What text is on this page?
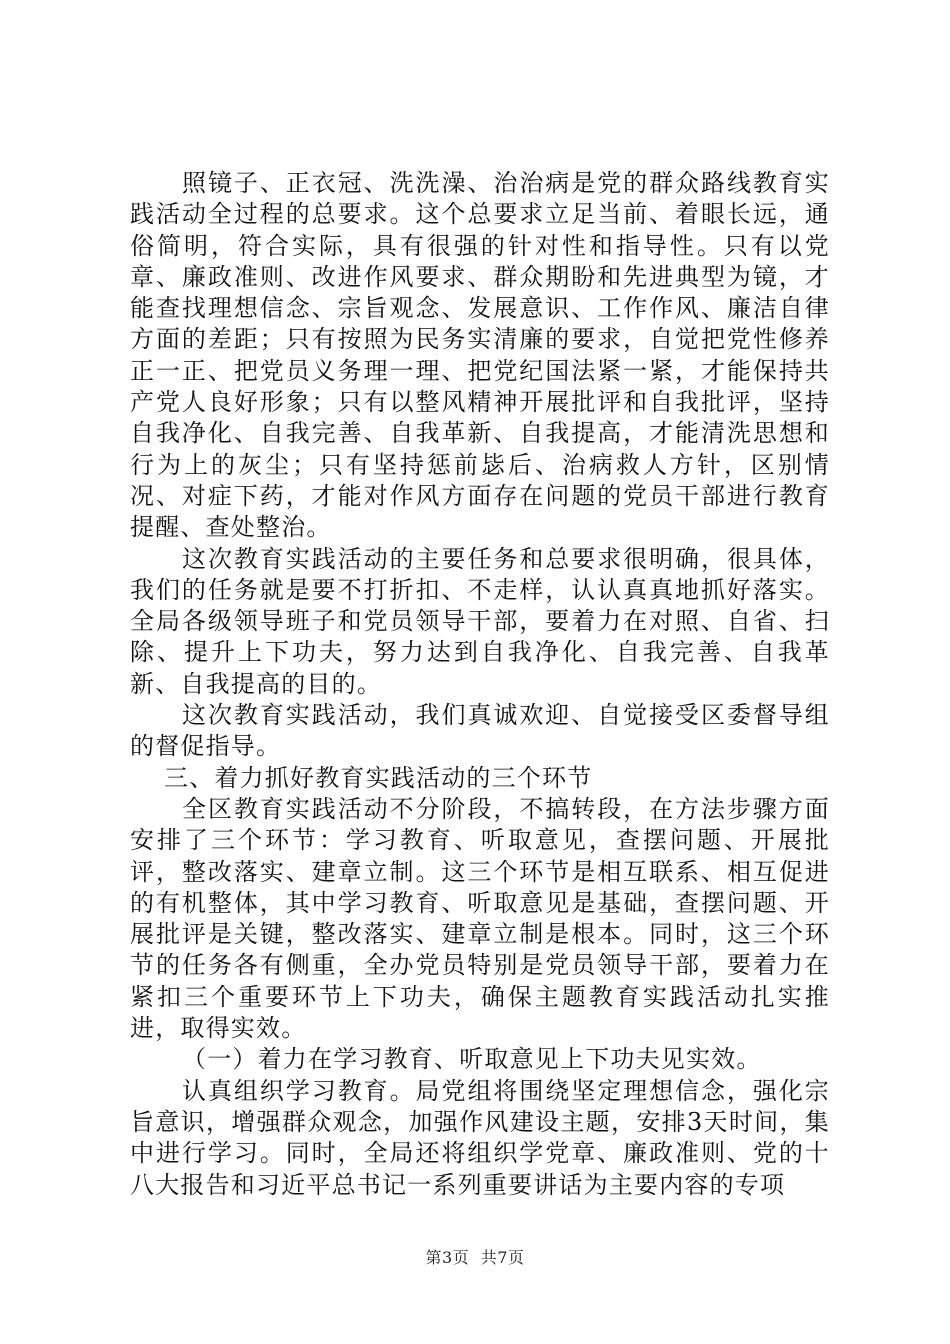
照镜子、正衣冠、洗洗澡、治治病是党的群众路线教育实践活动全过程的总要求。这个总要求立足当前、着眼长远，通俗简明，符合实际，具有很强的针对性和指导性。只有以党章、廉政准则、改进作风要求、群众期盼和先进典型为镜，才能查找理想信念、宗旨观念、发展意识、工作作风、廉洁自律方面的差距；只有按照为民务实清廉的要求，自觉把党性修养正一正、把党员义务理一理、把党纪国法紧一紧，才能保持共产党人良好形象；只有以整风精神开展批评和自我批评，坚持自我净化、自我完善、自我革新、自我提高，才能清洗思想和行为上的灰尘；只有坚持惩前毖后、治病救人方针，区别情况、对症下药，才能对作风方面存在问题的党员干部进行教育提醒、查处整治。

这次教育实践活动的主要任务和总要求很明确，很具体，我们的任务就是要不打折扣、不走样，认认真真地抓好落实。全局各级领导班子和党员领导干部，要着力在对照、自省、扫除、提升上下功夫，努力达到自我净化、自我完善、自我革新、自我提高的目的。

这次教育实践活动，我们真诚欢迎、自觉接受区委督导组的督促指导。

三、着力抓好教育实践活动的三个环节

全区教育实践活动不分阶段，不搞转段，在方法步骤方面安排了三个环节：学习教育、听取意见，查摆问题、开展批评，整改落实、建章立制。这三个环节是相互联系、相互促进的有机整体，其中学习教育、听取意见是基础，查摆问题、开展批评是关键，整改落实、建章立制是根本。同时，这三个环节的任务各有侧重，全办党员特别是党员领导干部，要着力在紧扣三个重要环节上下功夫，确保主题教育实践活动扎实推进，取得实效。

（一）着力在学习教育、听取意见上下功夫见实效。

认真组织学习教育。局党组将围绕坚定理想信念，强化宗旨意识，增强群众观念，加强作风建设主题，安排3天时间，集中进行学习。同时，全局还将组织学党章、廉政准则、党的十八大报告和习近平总书记一系列重要讲话为主要内容的专项

第3页 共7页
